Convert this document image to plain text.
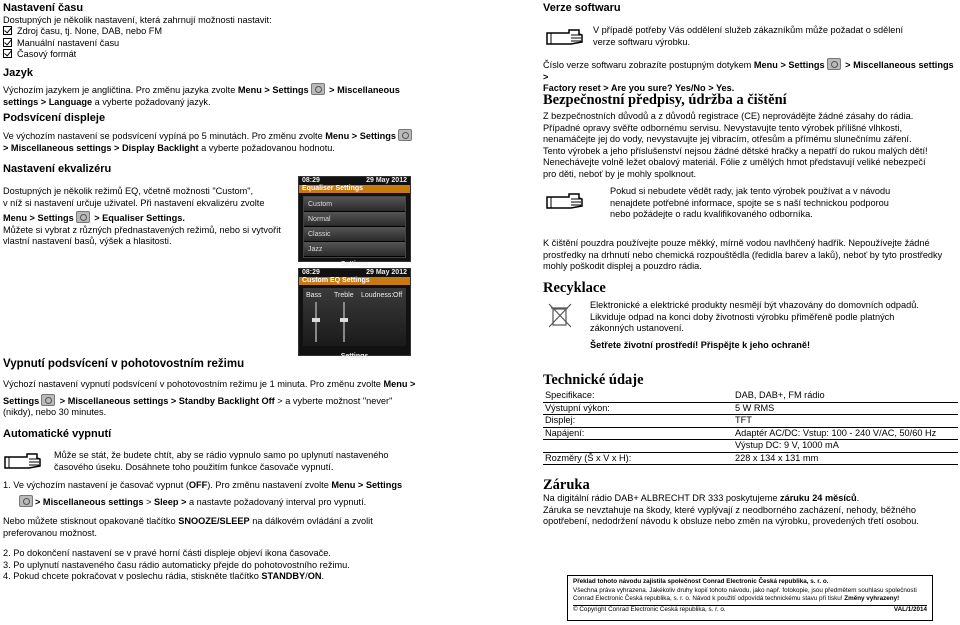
Nastavení času
Dostupných je několik nastavení, která zahrnují možnosti nastavit:
Zdroj času, tj. None, DAB, nebo FM
Manuální nastavení času
Časový formát
Jazyk
Výchozím jazykem je angličtina. Pro změnu jazyka zvolte Menu > Settings > Miscellaneous
settings > Language a vyberte požadovaný jazyk.
Podsvícení displeje
Ve výchozím nastavení se podsvícení vypíná po 5 minutách. Pro změnu zvolte Menu > Settings
> Miscellaneous settings > Display Backlight a vyberte požadovanou hodnotu.
Nastavení ekvalizéru
Dostupných je několik režimů EQ, včetně možnosti "Custom",
v níž si nastavení určuje uživatel. Při nastavení ekvalizéru zvolte
Menu > Settings > Equaliser Settings.
Můžete si vybrat z různých přednastavených režimů, nebo si vytvořit
vlastní nastavení basů, výšek a hlasitosti.
08:29	29 May 2012
Equaliser Settings
Custom
Normal
Classic
Jazz
Settings
08:29	29 May 2012
Custom EQ Settings
Bass Treble Loudness: Off
Settings
Vypnutí podsvícení v pohotovostním režimu
Výchozí nastavení vypnutí podsvícení v pohotovostním režimu je 1 minuta. Pro změnu zvolte Menu >
Settings > Miscellaneous settings > Standby Backlight Off > a vyberte možnost "never"
(nikdy), nebo 30 minutes.
Automatické vypnutí
Může se stát, že budete chtít, aby se rádio vypnulo samo po uplynutí nastaveného
časového úseku. Dosáhnete toho použitím funkce časovače vypnutí.
1. Ve výchozím nastavení je časovač vypnut (OFF). Pro změnu nastavení zvolte Menu > Settings
> Miscellaneous settings > Sleep > a nastavte požadovaný interval pro vypnutí.
Nebo můžete stisknout opakovaně tlačítko SNOOZE/SLEEP na dálkovém ovládání a zvolit
preferovanou možnost.
2. Po dokončení nastavení se v pravé horní části displeje objeví ikona časovače.
3. Po uplynutí nastaveného času rádio automaticky přejde do pohotovostního režimu.
4. Pokud chcete pokračovat v poslechu rádia, stiskněte tlačítko STANDBY/ON.
Verze softwaru
V případě potřeby Vás oddělení služeb zákazníkům může požadat o sdělení
verze softwaru výrobku.
Číslo verze softwaru zobrazíte postupným dotykem Menu > Settings > Miscellaneous settings >
Factory reset > Are you sure? Yes/No > Yes.
Bezpečnostní předpisy, údržba a čištění
Z bezpečnostních důvodů a z důvodů registrace (CE) neprovádějte žádné zásahy do rádia.
Případné opravy svěřte odbornému servisu. Nevystavujte tento výrobek přílišné vlhkosti,
nenamáčejte jej do vody, nevystavujte jej vibracím, otřesům a přímému slunečnímu záření.
Tento výrobek a jeho příslušenství nejsou žádné dětské hračky a nepatří do rukou malých dětí!
Nenechávejte volně ležet obalový materiál. Fólie z umělých hmot představují veliké nebezpečí
pro děti, neboť by je mohly spolknout.
Pokud si nebudete vědět rady, jak tento výrobek používat a v návodu
nenajdete potřebné informace, spojte se s naší technickou podporou
nebo požádejte o radu kvalifikovaného odborníka.
K čištění pouzdra používejte pouze měkký, mírně vodou navlhčený hadřík. Nepoužívejte žádné
prostředky na drhnutí nebo chemická rozpouštědla (ředidla barev a laků), neboť by tyto prostředky
mohly poškodit displej a pouzdro rádia.
Recyklace
Elektronické a elektrické produkty nesmějí být vhazovány do domovních odpadů.
Likviduje odpad na konci doby životnosti výrobku přiměřeně podle platných
zákonných ustanovení.
Šetřete životní prostředí! Přispějte k jeho ochraně!
Technické údaje
Specifikace:	DAB, DAB+, FM rádio
Výstupní výkon:	5 W RMS
Displej:	TFT
Napájení:	Adaptér AC/DC: Vstup: 100 - 240 V/AC, 50/60 Hz
	Výstup DC: 9 V, 1000 mA
Rozměry (Š x V x H):	228 x 134 x 131 mm
Záruka
Na digitální rádio DAB+ ALBRECHT DR 333 poskytujeme záruku 24 měsíců.
Záruka se nevztahuje na škody, které vyplývají z neodborného zacházení, nehody, běžného
opotřebení, nedodržení návodu k obsluze nebo změn na výrobku, provedených třetí osobou.
Překlad tohoto návodu zajistila společnost Conrad Electronic Česká republika, s. r. o.
Všechna práva vyhrazena. Jakékoliv druhy kopií tohoto návodu, jako např. fotokopie, jsou předmětem souhlasu společnosti
Conrad Electronic Česká republika, s. r. o. Návod k použití odpovídá technickému stavu při tisku! Změny vyhrazeny!
© Copyright Conrad Electronic Česká republika, s. r. o.	VAL/1/2014
